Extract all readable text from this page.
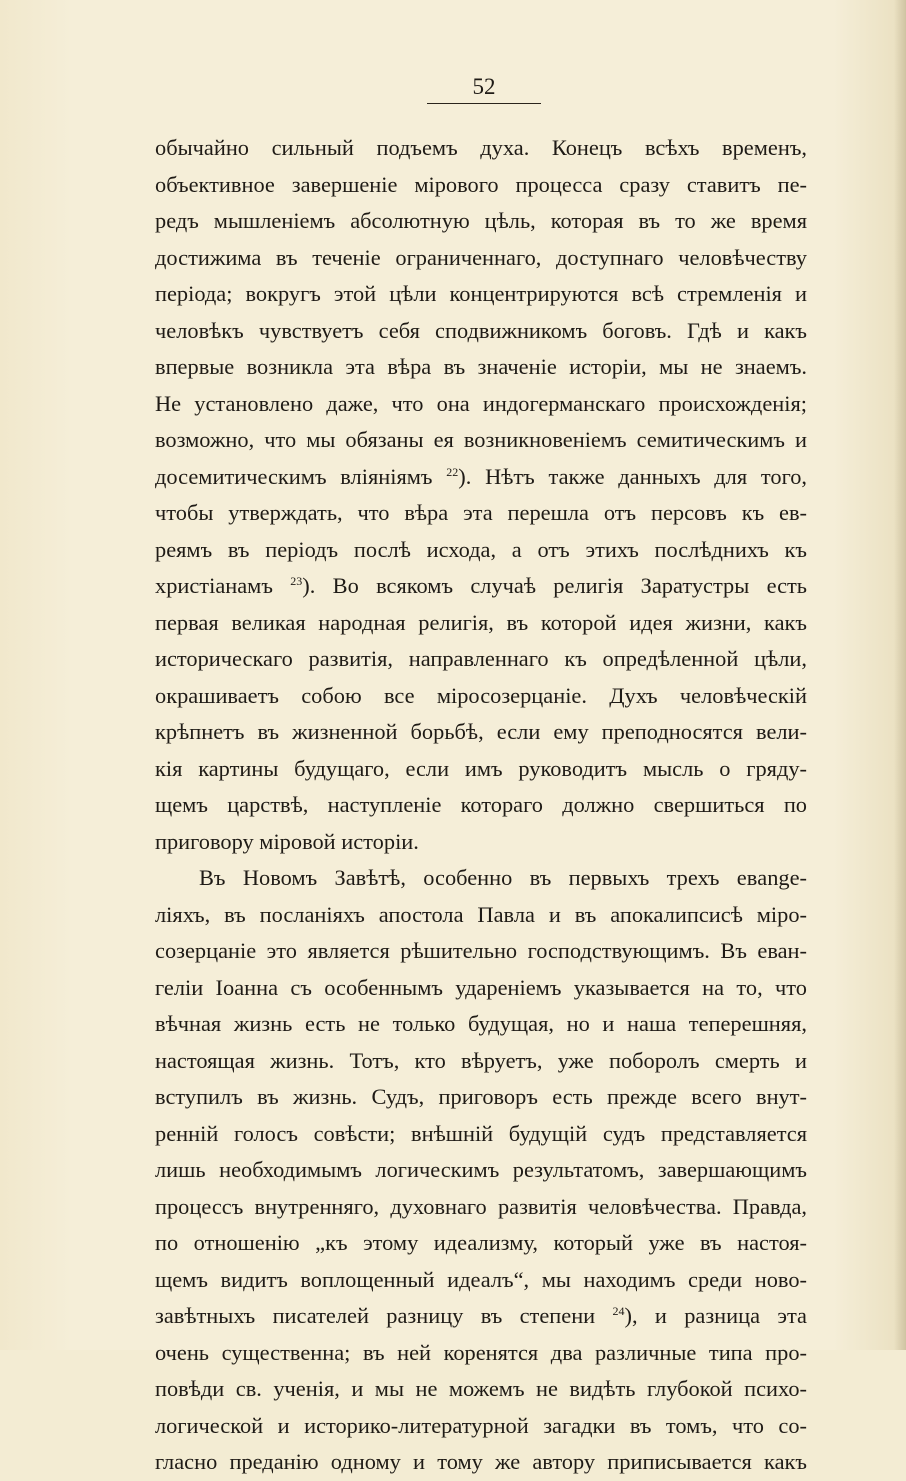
52
обычайно сильный подъемъ духа. Конецъ всѣхъ временъ,
объективное завершеніе мірового процесса сразу ставитъ пе-
редъ мышленіемъ абсолютную цѣль, которая въ то же время
достижима въ теченіе ограниченнаго, доступнаго человѣчеству
періода; вокругъ этой цѣли концентрируются всѣ стремленія и
человѣкъ чувствуетъ себя сподвижникомъ боговъ. Гдѣ и какъ
впервые возникла эта вѣра въ значеніе исторіи, мы не знаемъ.
Не установлено даже, что она индогерманскаго происхожденія;
возможно, что мы обязаны ея возникновеніемъ семитическимъ и
досемитическимъ вліяніямъ $^{22}$). Нѣтъ также данныхъ для того,
чтобы утверждать, что вѣра эта перешла отъ персовъ къ ев-
реямъ въ періодъ послѣ исхода, а отъ этихъ послѣднихъ къ
христіанамъ $^{23}$). Во всякомъ случаѣ религія Заратустры есть
первая великая народная религія, въ которой идея жизни, какъ
историческаго развитія, направленнаго къ опредѣленной цѣли,
окрашиваетъ собою все міросозерцаніе. Духъ человѣческій
крѣпнетъ въ жизненной борьбѣ, если ему преподносятся вели-
кія картины будущаго, если имъ руководитъ мысль о гряду-
щемъ царствѣ, наступленіе котораго должно свершиться по
приговору міровой исторіи.
Въ Новомъ Завѣтѣ, особенно въ первыхъ трехъ евange-
ліяхъ, въ посланіяхъ апостола Павла и въ апокалипсисѣ міро-
созерцаніе это является рѣшительно господствующимъ. Въ еван-
геліи Іоанна съ особеннымъ удареніемъ указывается на то, что
вѣчная жизнь есть не только будущая, но и наша теперешняя,
настоящая жизнь. Тотъ, кто вѣруетъ, уже поборолъ смерть и
вступилъ въ жизнь. Судъ, приговоръ есть прежде всего внут-
ренній голосъ совѣсти; внѣшній будущій судъ представляется
лишь необходимымъ логическимъ результатомъ, завершающимъ
процессъ внутренняго, духовнаго развитія человѣчества. Правда,
по отношенію „къ этому идеализму, который уже въ настоя-
щемъ видитъ воплощенный идеалъ“, мы находимъ среди ново-
завѣтныхъ писателей разницу въ степени $^{24}$), и разница эта
очень существенна; въ ней коренятся два различные типа про-
повѣди св. ученія, и мы не можемъ не видѣть глубокой психо-
логической и историко-литературной загадки въ томъ, что со-
гласно преданію одному и тому же автору приписывается какъ
